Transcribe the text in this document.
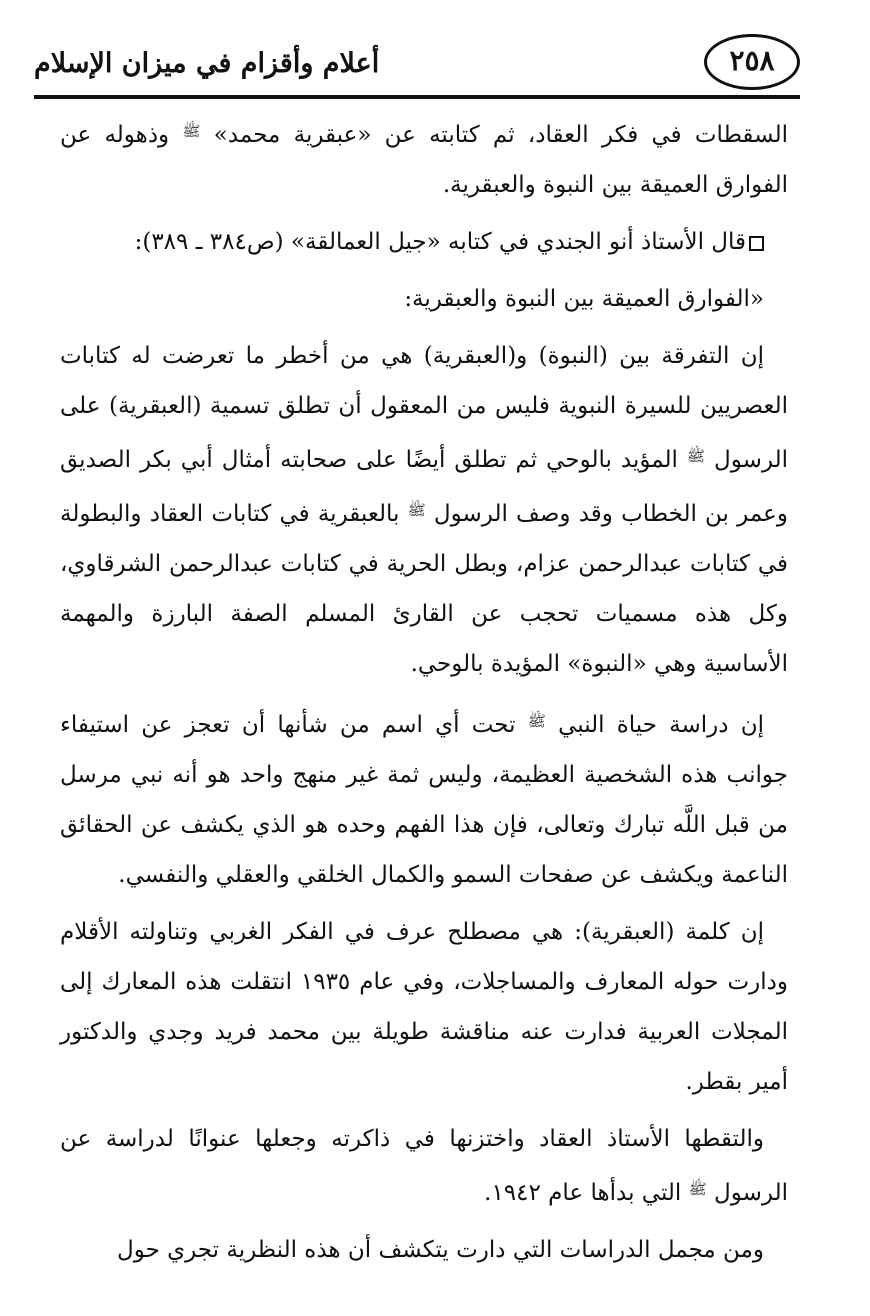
أعلام وأقزام في ميزان الإسلام	٢٥٨

السقطات في فكر العقاد، ثم كتابته عن «عبقرية محمد» $^ﷺ$ وذهوله عن الفوارق العميقة بين النبوة والعبقرية.

قال الأستاذ أنو الجندي في كتابه «جيل العمالقة» (ص٣٨٤ ـ ٣٨٩):

«الفوارق العميقة بين النبوة والعبقرية:

إن التفرقة بين (النبوة) و(العبقرية) هي من أخطر ما تعرضت له كتابات العصريين للسيرة النبوية فليس من المعقول أن تطلق تسمية (العبقرية) على الرسول $^ﷺ$ المؤيد بالوحي ثم تطلق أيضًا على صحابته أمثال أبي بكر الصديق وعمر بن الخطاب وقد وصف الرسول $^ﷺ$ بالعبقرية في كتابات العقاد والبطولة في كتابات عبدالرحمن عزام، وبطل الحرية في كتابات عبدالرحمن الشرقاوي، وكل هذه مسميات تحجب عن القارئ المسلم الصفة البارزة والمهمة الأساسية وهي «النبوة» المؤيدة بالوحي.

إن دراسة حياة النبي $^ﷺ$ تحت أي اسم من شأنها أن تعجز عن استيفاء جوانب هذه الشخصية العظيمة، وليس ثمة غير منهج واحد هو أنه نبي مرسل من قبل اللَّه تبارك وتعالى، فإن هذا الفهم وحده هو الذي يكشف عن الحقائق الناعمة ويكشف عن صفحات السمو والكمال الخلقي والعقلي والنفسي.

إن كلمة (العبقرية): هي مصطلح عرف في الفكر الغربي وتناولته الأقلام ودارت حوله المعارف والمساجلات، وفي عام ١٩٣٥ انتقلت هذه المعارك إلى المجلات العربية فدارت عنه مناقشة طويلة بين محمد فريد وجدي والدكتور أمير بقطر.

والتقطها الأستاذ العقاد واختزنها في ذاكرته وجعلها عنوانًا لدراسة عن الرسول $^ﷺ$ التي بدأها عام ١٩٤٢.

ومن مجمل الدراسات التي دارت يتكشف أن هذه النظرية تجري حول
